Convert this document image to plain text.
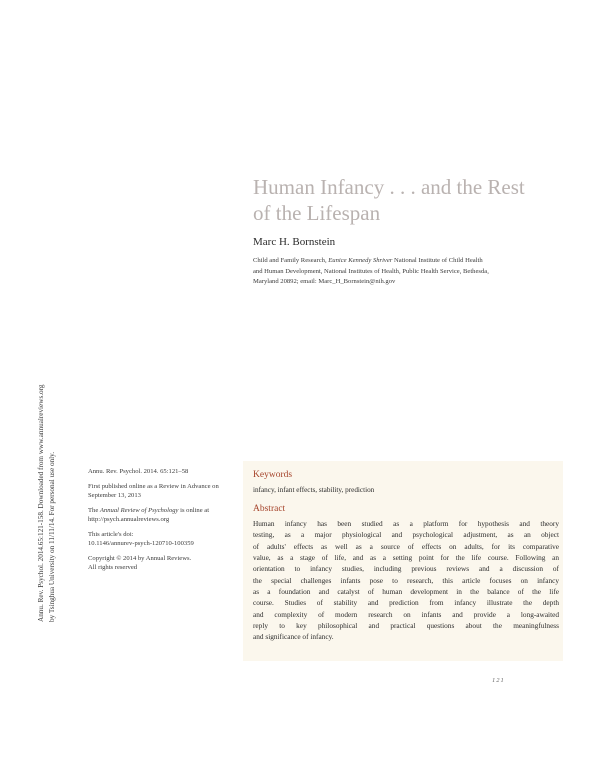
Annu. Rev. Psychol. 2014.65:121-158. Downloaded from www.annualreviews.org by Tsinghua University on 11/11/14. For personal use only.
Human Infancy . . . and the Rest
of the Lifespan
Marc H. Bornstein
Child and Family Research, Eunice Kennedy Shriver National Institute of Child Health
and Human Development, National Institutes of Health, Public Health Service, Bethesda,
Maryland 20892; email: Marc_H_Bornstein@nih.gov
Annu. Rev. Psychol. 2014. 65:121–58
First published online as a Review in Advance on
September 13, 2013
The Annual Review of Psychology is online at
http://psych.annualreviews.org
This article's doi:
10.1146/annurev-psych-120710-100359
Copyright © 2014 by Annual Reviews.
All rights reserved
Keywords
infancy, infant effects, stability, prediction
Abstract
Human infancy has been studied as a platform for hypothesis and theory
testing, as a major physiological and psychological adjustment, as an object
of adults' effects as well as a source of effects on adults, for its comparative
value, as a stage of life, and as a setting point for the life course. Following an
orientation to infancy studies, including previous reviews and a discussion of
the special challenges infants pose to research, this article focuses on infancy
as a foundation and catalyst of human development in the balance of the life
course. Studies of stability and prediction from infancy illustrate the depth
and complexity of modern research on infants and provide a long-awaited
reply to key philosophical and practical questions about the meaningfulness
and significance of infancy.
121
